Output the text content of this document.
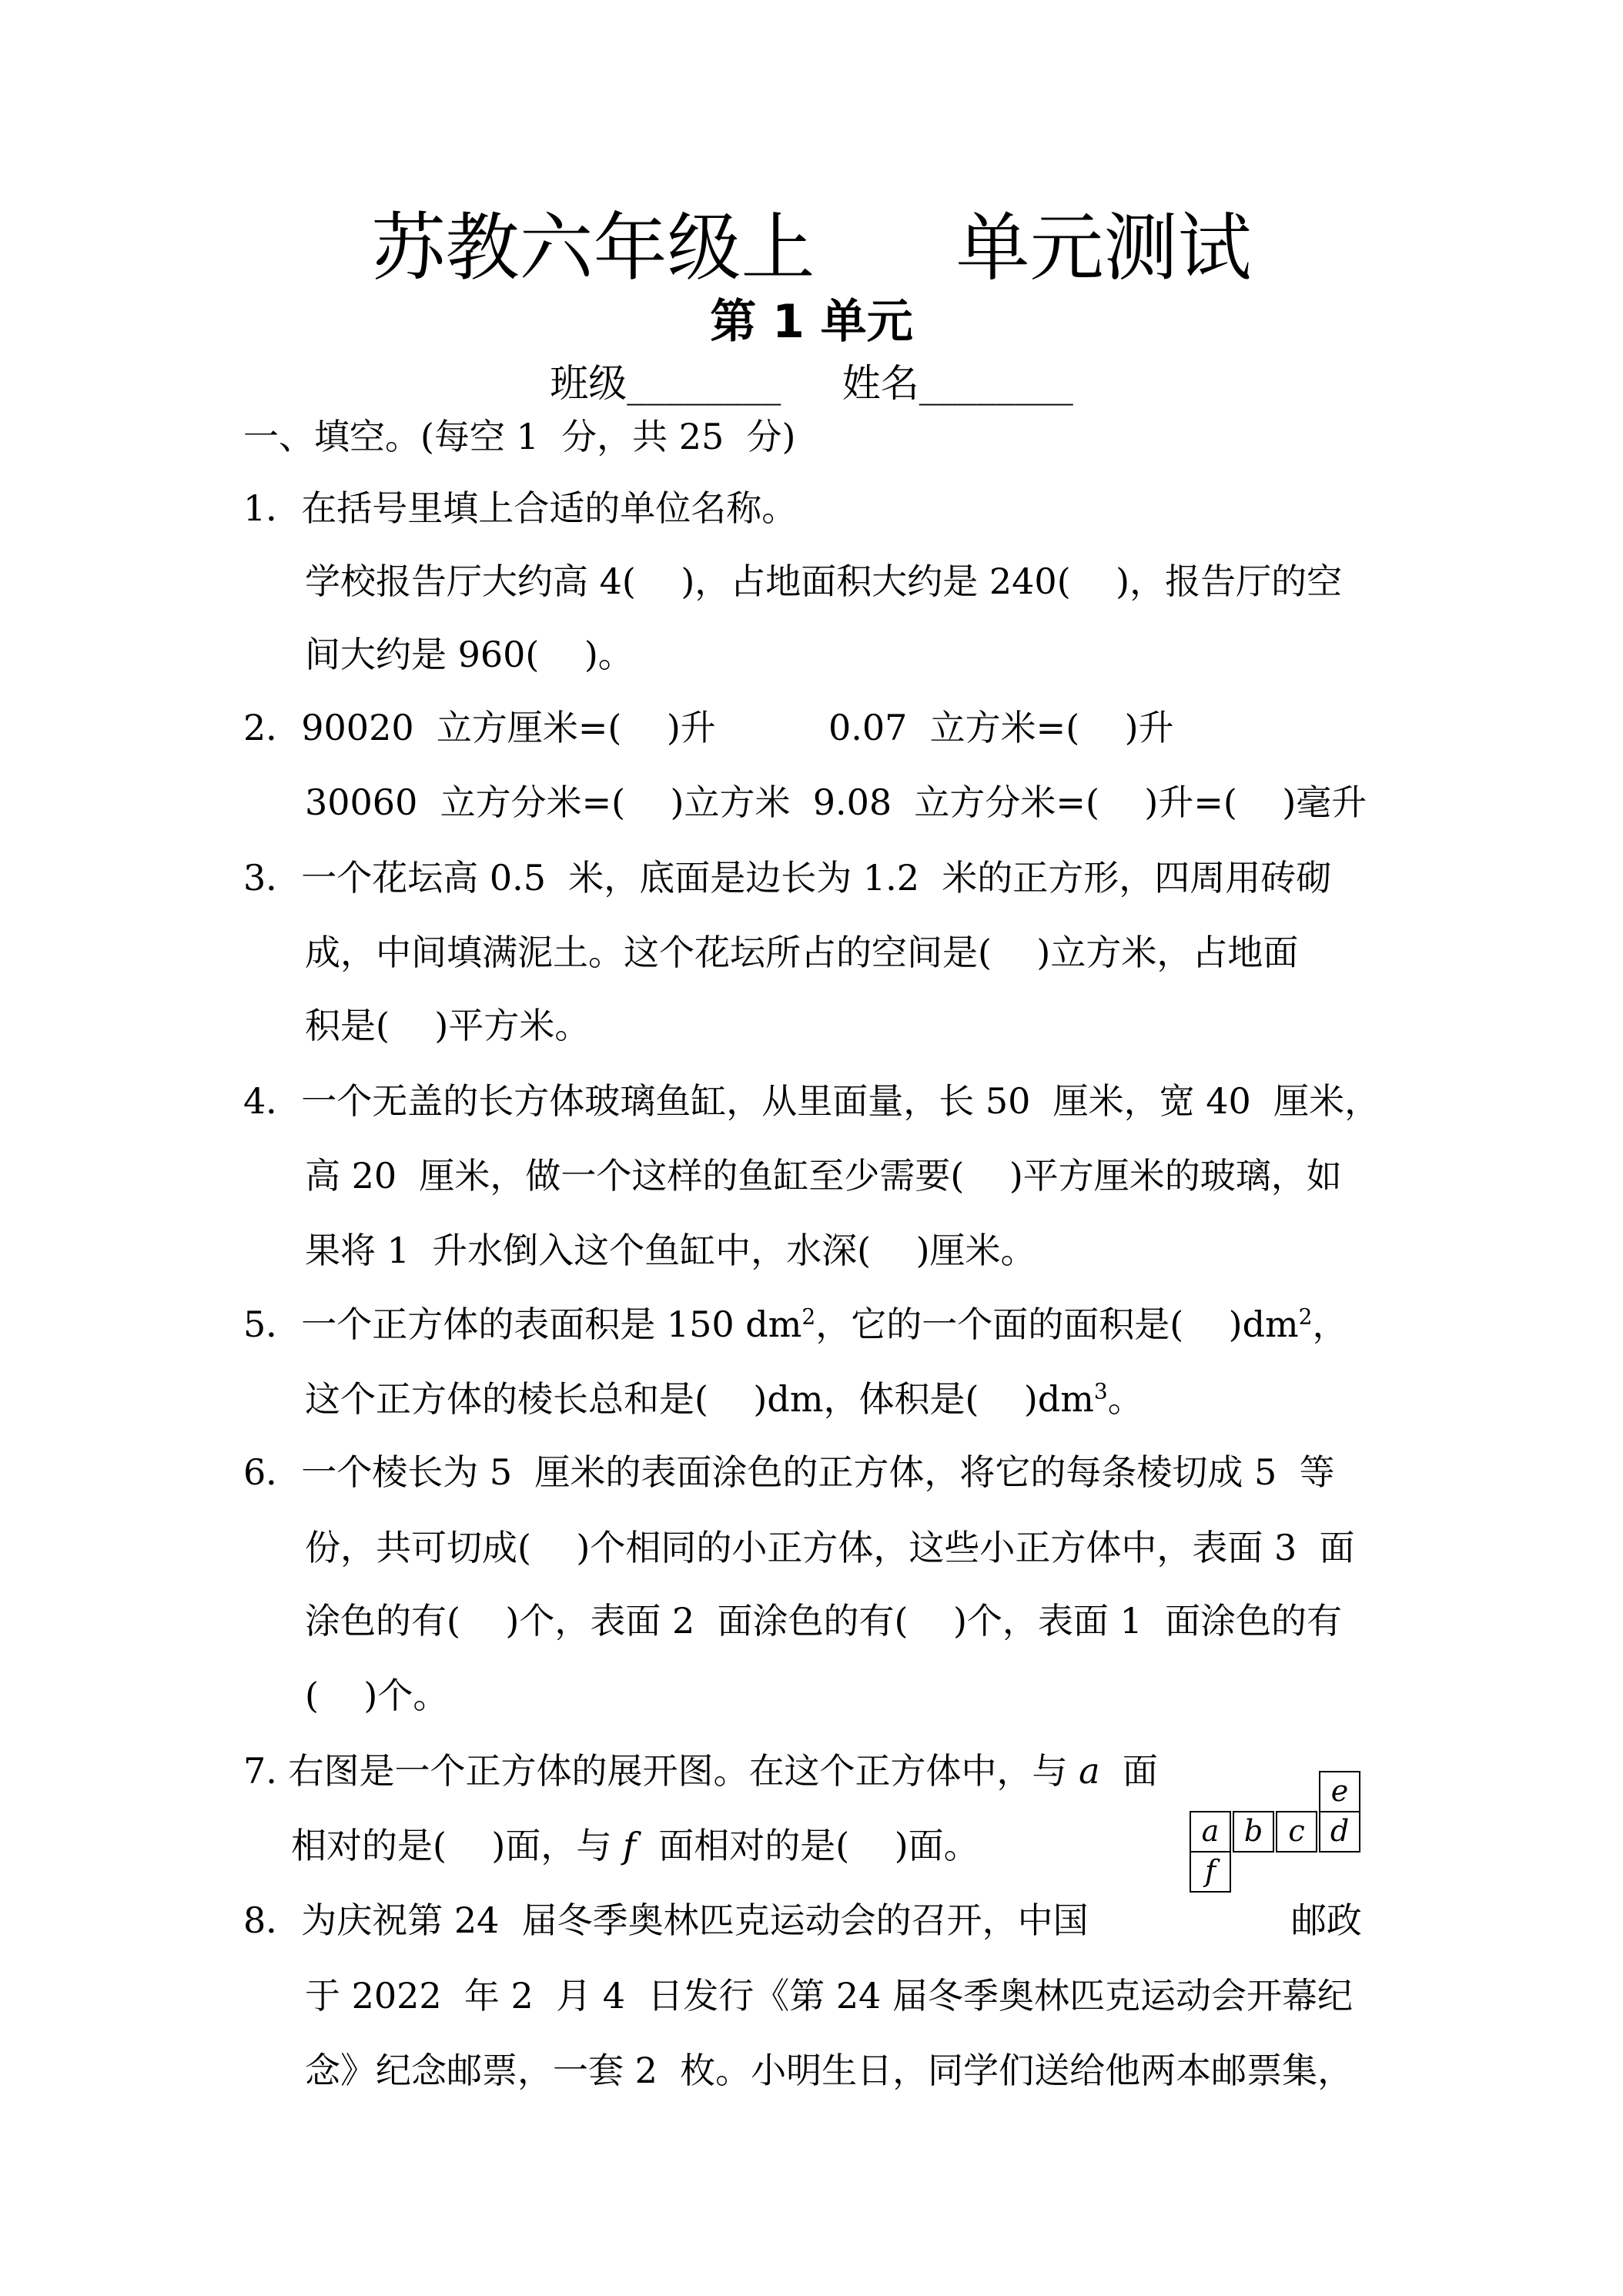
苏教六年级上      单元测试
第 1 单元
班级________     姓名________
一、填空。(每空 1  分，共 25  分)
1．在括号里填上合适的单位名称。
学校报告厅大约高 4(    )，占地面积大约是 240(    )，报告厅的空
间大约是 960(    )。
2．90020  立方厘米=(    )升          0.07  立方米=(    )升
30060  立方分米=(    )立方米  9.08  立方分米=(    )升=(    )毫升
3．一个花坛高 0.5  米，底面是边长为 1.2  米的正方形，四周用砖砌
成，中间填满泥土。这个花坛所占的空间是(    )立方米，占地面
积是(    )平方米。
4．一个无盖的长方体玻璃鱼缸，从里面量，长 50  厘米，宽 40  厘米，
高 20  厘米，做一个这样的鱼缸至少需要(    )平方厘米的玻璃，如
果将 1  升水倒入这个鱼缸中，水深(    )厘米。
5．一个正方体的表面积是 150 $dm^2$，它的一个面的面积是(    )$dm^2$，
这个正方体的棱长总和是(    )dm，体积是(    )$dm^3$。
6．一个棱长为 5  厘米的表面涂色的正方体，将它的每条棱切成 5  等
份，共可切成(    )个相同的小正方体，这些小正方体中，表面 3  面
涂色的有(    )个，表面 2  面涂色的有(    )个，表面 1  面涂色的有
(    )个。
7. 右图是一个正方体的展开图。在这个正方体中，与 a  面
相对的是(    )面，与 f  面相对的是(    )面。

e

a

b

c

d

f

8．为庆祝第 24  届冬季奥林匹克运动会的召开，中国                  邮政
于 2022  年 2  月 4  日发行《第 24 届冬季奥林匹克运动会开幕纪
念》纪念邮票，一套 2  枚。小明生日，同学们送给他两本邮票集，
